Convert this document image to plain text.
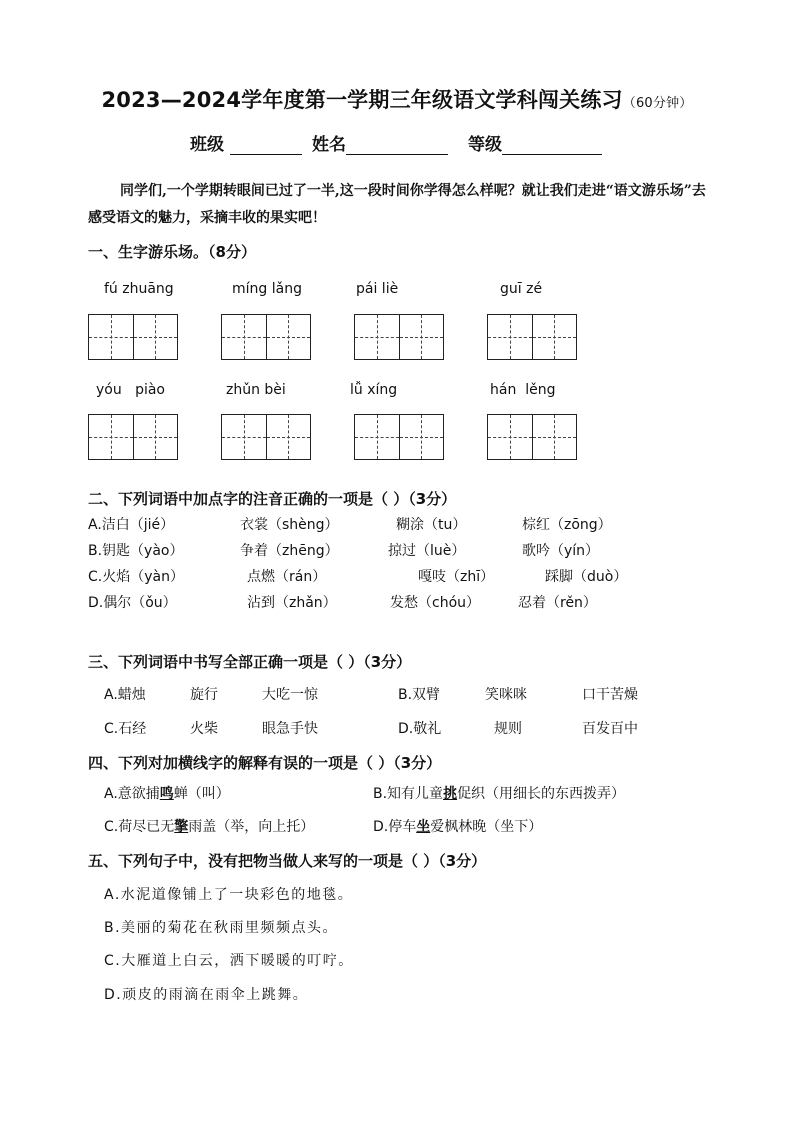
2023—2024学年度第一学期三年级语文学科闯关练习（60分钟）
班级	姓名	等级
同学们,一个学期转眼间已过了一半,这一段时间你学得怎么样呢？就让我们走进“语文游乐场”去感受语文的魅力，采摘丰收的果实吧！
一、生字游乐场。（8分）
fú zhuāng	míng lǎng	pái liè	guī zé
yóu   piào	zhǔn bèi	lǚ xíng	hán  lěng
二、下列词语中加点字的注音正确的一项是（ ）（3分）
A.洁白（jié）	衣裳（shèng）	糊涂（tu）	棕红（zōng）
B.钥匙（yào）	争着（zhēng）	掠过（luè）	歌吟（yín）
C.火焰（yàn）	点燃（rán）	嘎吱（zhī）	踩脚（duò）
D.偶尔（ǒu）	沾到（zhǎn）	发愁（chóu）	忍着（rěn）
三、下列词语中书写全部正确一项是（ ）（3分）
A.蜡烛	旋行	大吃一惊	B.双臂	笑咪咪	口干苦燥
C.石经	火柴	眼急手快	D.敬礼	规则	百发百中
四、下列对加横线字的解释有误的一项是（ ）（3分）
A.意欲捕鸣蝉（叫）	B.知有儿童挑促织（用细长的东西拨弄）
C.荷尽已无擎雨盖（举，向上托）	D.停车坐爱枫林晚（坐下）
五、下列句子中，没有把物当做人来写的一项是（ ）（3分）
A.水泥道像铺上了一块彩色的地毯。
B.美丽的菊花在秋雨里频频点头。
C.大雁道上白云，洒下暖暖的叮咛。
D.顽皮的雨滴在雨伞上跳舞。
